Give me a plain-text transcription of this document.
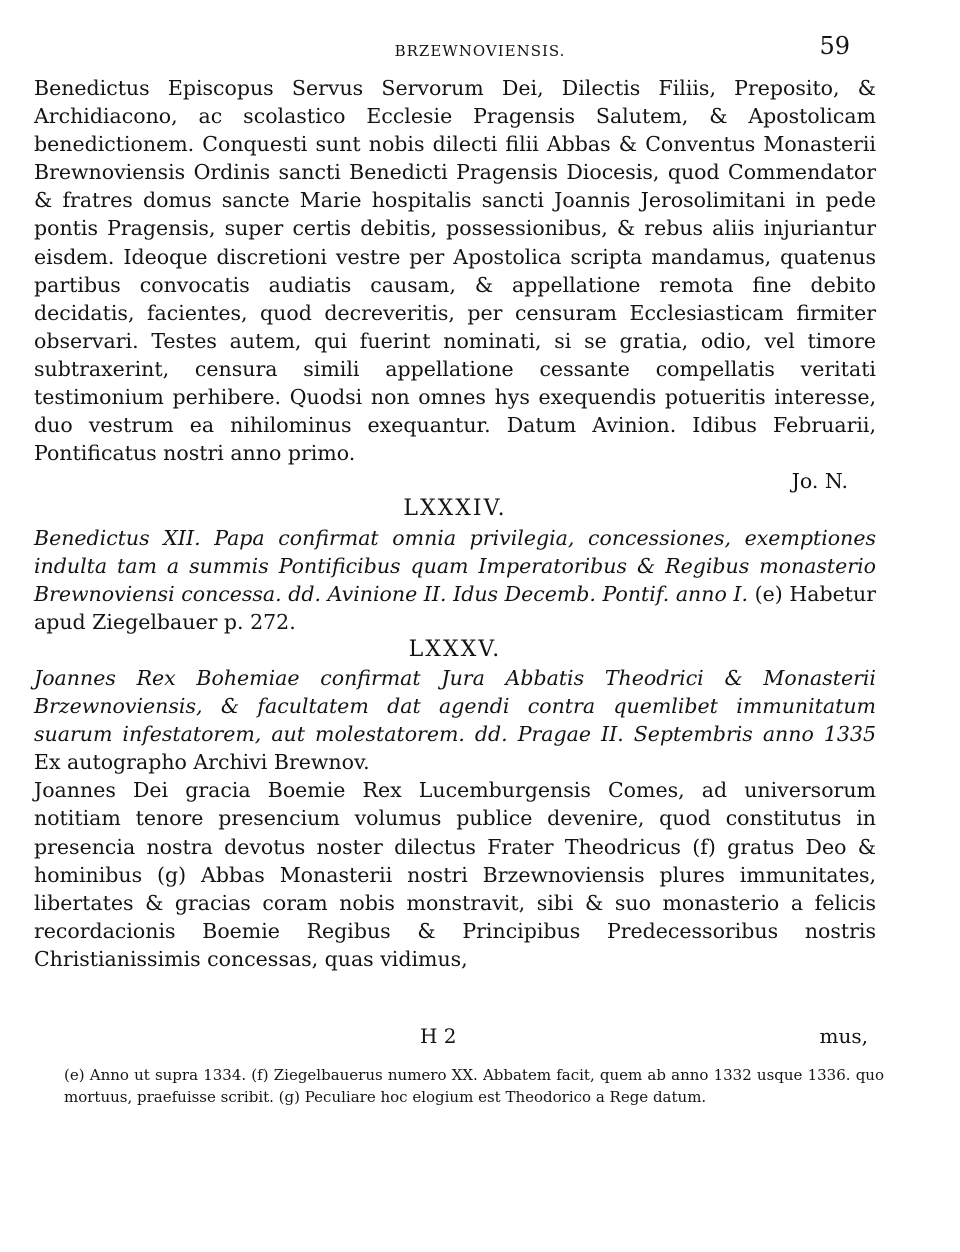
BRZEWNOVIENSIS.	59

Benedictus Episcopus Servus Servorum Dei, Dilectis Filiis, Preposito, & Archidiacono, ac scolastico Ecclesie Pragensis Salutem, & Apostolicam benedictionem. Conquesti sunt nobis dilecti filii Abbas & Conventus Monasterii Brewnoviensis Ordinis sancti Benedicti Pragensis Diocesis, quod Commendator & fratres domus sancte Marie hospitalis sancti Joannis Jerosolimitani in pede pontis Pragensis, super certis debitis, possessionibus, & rebus aliis injuriantur eisdem. Ideoque discretioni vestre per Apostolica scripta mandamus, quatenus partibus convocatis audiatis causam, & appellatione remota fine debito decidatis, facientes, quod decreveritis, per censuram Ecclesiasticam firmiter observari. Testes autem, qui fuerint nominati, si se gratia, odio, vel timore subtraxerint, censura simili appellatione cessante compellatis veritati testimonium perhibere. Quodsi non omnes hys exequendis potueritis interesse, duo vestrum ea nihilominus exequantur. Datum Avinion. Idibus Februarii, Pontificatus nostri anno primo.

Jo. N.

LXXXIV.

Benedictus XII. Papa confirmat omnia privilegia, concessiones, exemptiones indulta tam a summis Pontificibus quam Imperatoribus & Regibus monasterio Brewnoviensi concessa. dd. Avinione II. Idus Decemb. Pontif. anno I. (e) Habetur apud Ziegelbauer p. 272.

LXXXV.

Joannes Rex Bohemiae confirmat Jura Abbatis Theodrici & Monasterii Brzewnoviensis, & facultatem dat agendi contra quemlibet immunitatum suarum infestatorem, aut molestatorem. dd. Pragae II. Septembris anno 1335 Ex autographo Archivi Brewnov.

Joannes Dei gracia Boemie Rex Lucemburgensis Comes, ad universorum notitiam tenore presencium volumus publice devenire, quod constitutus in presencia nostra devotus noster dilectus Frater Theodricus (f) gratus Deo & hominibus (g) Abbas Monasterii nostri Brzewnoviensis plures immunitates, libertates & gracias coram nobis monstravit, sibi & suo monasterio a felicis recordacionis Boemie Regibus & Principibus Predecessoribus nostris Christianissimis concessas, quas vidimus,

H 2	mus,

(e) Anno ut supra 1334. (f) Ziegelbauerus numero XX. Abbatem facit, quem ab anno 1332 usque 1336. quo mortuus, praefuisse scribit. (g) Peculiare hoc elogium est Theodorico a Rege datum.
